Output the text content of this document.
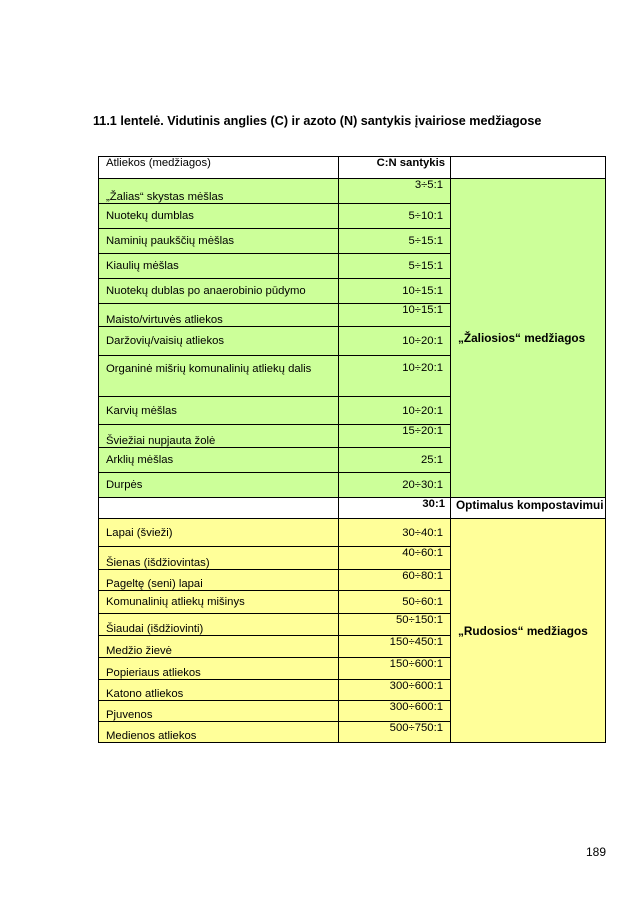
11.1 lentelė. Vidutinis anglies (C) ir azoto (N) santykis įvairiose medžiagose
Atliekos (medžiagos)	C:N santykis	
„Žalias“ skystas mėšlas	3÷5:1	„Žaliosios“ medžiagos
Nuotekų dumblas	5÷10:1	
Naminių paukščių mėšlas	5÷15:1	
Kiaulių mėšlas	5÷15:1	
Nuotekų dublas po anaerobinio pūdymo	10÷15:1	
Maisto/virtuvės atliekos	10÷15:1	
Daržovių/vaisių atliekos	10÷20:1	
Organinė mišrių komunalinių atliekų dalis	10÷20:1	
Karvių mėšlas	10÷20:1	
Šviežiai nupjauta žolė	15÷20:1	
Arklių mėšlas	25:1	
Durpės	20÷30:1	
	30:1	Optimalus kompostavimui
Lapai (švieži)	30÷40:1	„Rudosios“ medžiagos
Šienas (išdžiovintas)	40÷60:1	
Pageltę (seni) lapai	60÷80:1	
Komunalinių atliekų mišinys	50÷60:1	
Šiaudai (išdžiovinti)	50÷150:1	
Medžio žievė	150÷450:1	
Popieriaus atliekos	150÷600:1	
Katono atliekos	300÷600:1	
Pjuvenos	300÷600:1	
Medienos atliekos	500÷750:1	
189
